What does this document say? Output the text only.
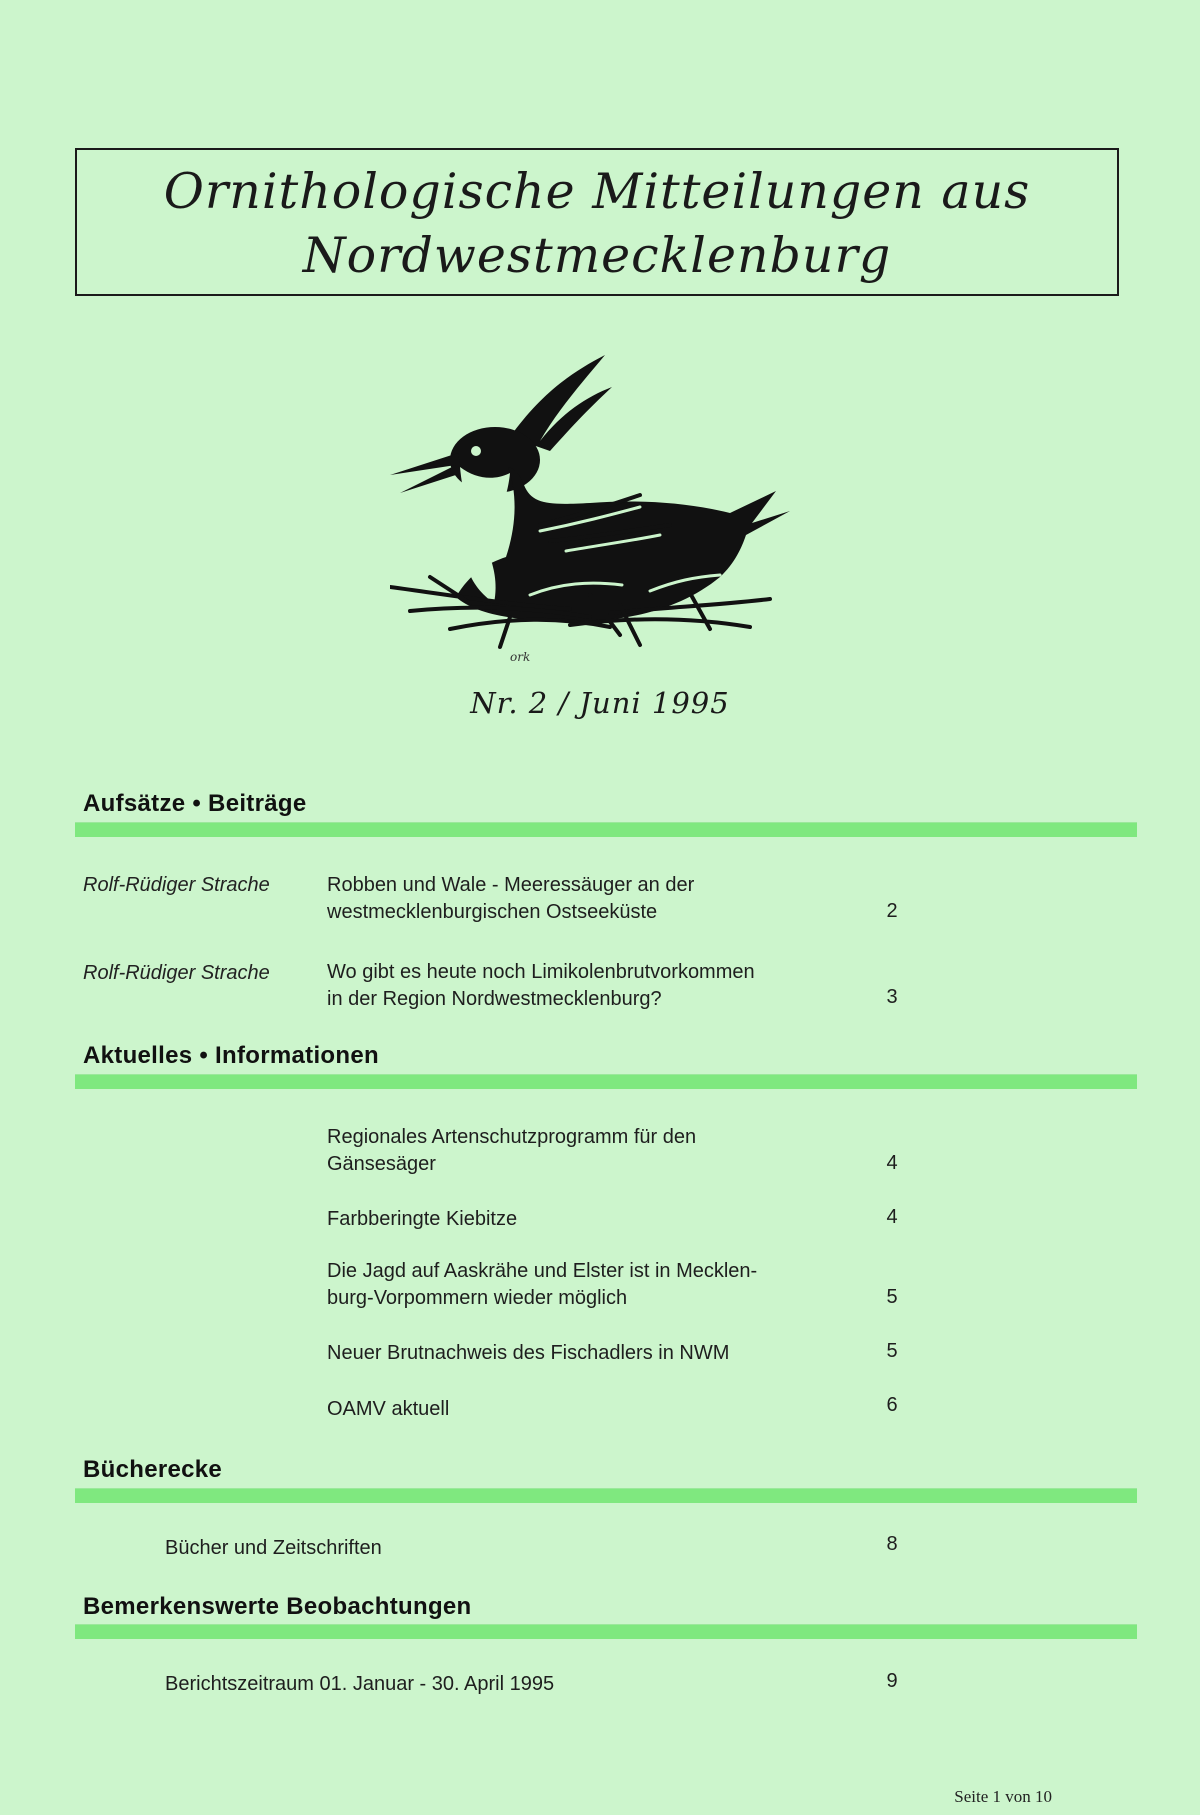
Ornithologische Mitteilungen aus
Nordwestmecklenburg
ork
Nr. 2 / Juni 1995
Aufsätze • Beiträge
Rolf-Rüdiger Strache	Robben und Wale - Meeressäuger an der
westmecklenburgischen Ostseeküste	2
Rolf-Rüdiger Strache	Wo gibt es heute noch Limikolenbrutvorkommen
in der Region Nordwestmecklenburg?	3
Aktuelles • Informationen
Regionales Artenschutzprogramm für den
Gänsesäger	4
Farbberingte Kiebitze	4
Die Jagd auf Aaskrähe und Elster ist in Mecklen-
burg-Vorpommern wieder möglich	5
Neuer Brutnachweis des Fischadlers in NWM	5
OAMV aktuell	6
Bücherecke
Bücher und Zeitschriften	8
Bemerkenswerte Beobachtungen
Berichtszeitraum 01. Januar - 30. April 1995	9
Seite 1 von 10
